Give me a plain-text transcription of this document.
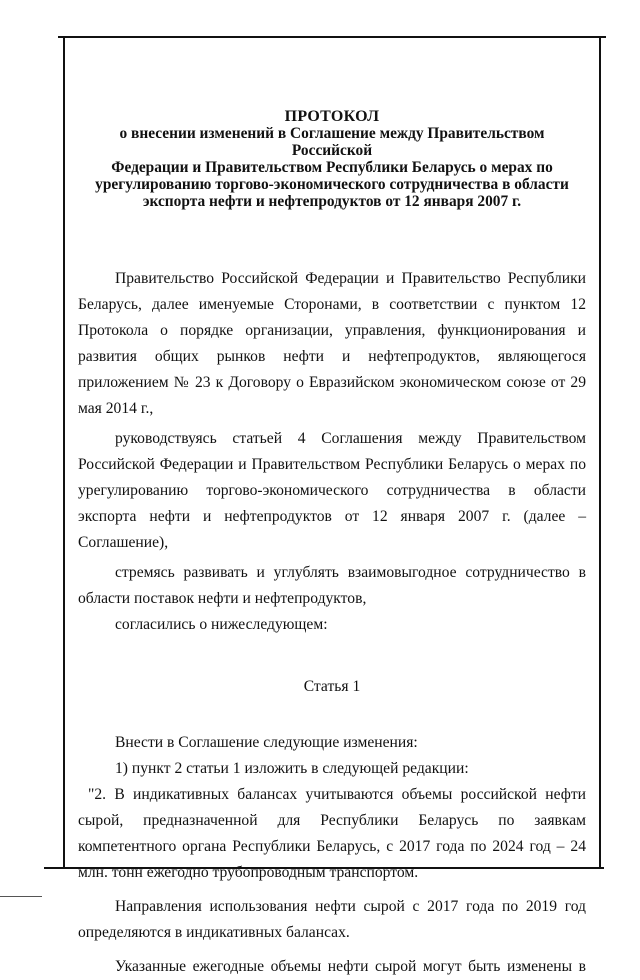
ПРОТОКОЛ
о внесении изменений в Соглашение между Правительством Российской
Федерации и Правительством Республики Беларусь о мерах по
урегулированию торгово-экономического сотрудничества в области
экспорта нефти и нефтепродуктов от 12 января 2007 г.

Правительство Российской Федерации и Правительство Республики Беларусь, далее именуемые Сторонами, в соответствии с пунктом 12 Протокола о порядке организации, управления, функционирования и развития общих рынков нефти и нефтепродуктов, являющегося приложением № 23 к Договору о Евразийском экономическом союзе от 29 мая 2014 г.,

руководствуясь статьей 4 Соглашения между Правительством Российской Федерации и Правительством Республики Беларусь о мерах по урегулированию торгово-экономического сотрудничества в области экспорта нефти и нефтепродуктов от 12 января 2007 г. (далее – Соглашение),

стремясь развивать и углублять взаимовыгодное сотрудничество в области поставок нефти и нефтепродуктов,

согласились о нижеследующем:

Статья 1

Внести в Соглашение следующие изменения:

1) пункт 2 статьи 1 изложить в следующей редакции:

"2. В индикативных балансах учитываются объемы российской нефти сырой, предназначенной для Республики Беларусь по заявкам компетентного органа Республики Беларусь, с 2017 года по 2024 год – 24 млн. тонн ежегодно трубопроводным транспортом.

Направления использования нефти сырой с 2017 года по 2019 год определяются в индикативных балансах.

Указанные ежегодные объемы нефти сырой могут быть изменены в
